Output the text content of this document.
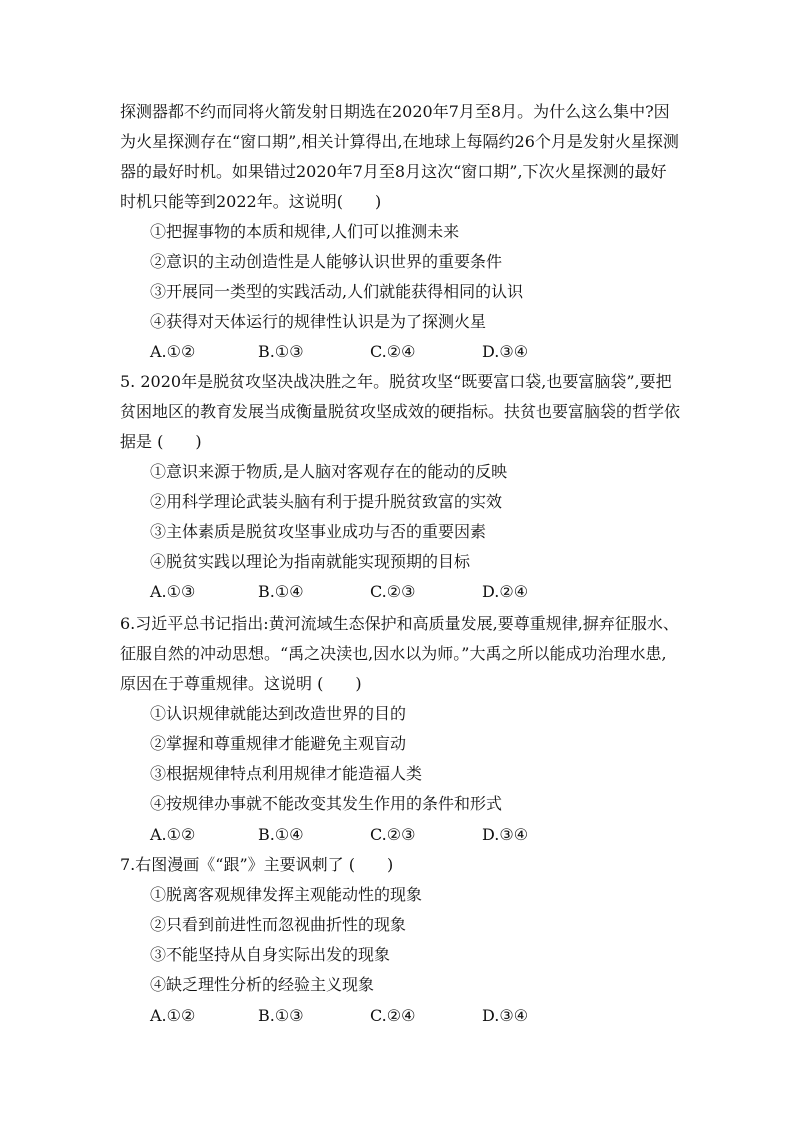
探测器都不约而同将火箭发射日期选在2020年7月至8月。为什么这么集中?因为火星探测存在“窗口期”,相关计算得出,在地球上每隔约26个月是发射火星探测器的最好时机。如果错过2020年7月至8月这次“窗口期”,下次火星探测的最好时机只能等到2022年。这说明(　　)
①把握事物的本质和规律,人们可以推测未来
②意识的主动创造性是人能够认识世界的重要条件
③开展同一类型的实践活动,人们就能获得相同的认识
④获得对天体运行的规律性认识是为了探测火星
A.①②	B.①③	C.②④	D.③④
5. 2020年是脱贫攻坚决战决胜之年。脱贫攻坚“既要富口袋,也要富脑袋”,要把贫困地区的教育发展当成衡量脱贫攻坚成效的硬指标。扶贫也要富脑袋的哲学依据是 (　　)
①意识来源于物质,是人脑对客观存在的能动的反映
②用科学理论武装头脑有利于提升脱贫致富的实效
③主体素质是脱贫攻坚事业成功与否的重要因素
④脱贫实践以理论为指南就能实现预期的目标
A.①③	B.①④	C.②③	D.②④
6.习近平总书记指出:黄河流域生态保护和高质量发展,要尊重规律,摒弃征服水、征服自然的冲动思想。“禹之决渎也,因水以为师。”大禹之所以能成功治理水患,原因在于尊重规律。这说明 (　　)
①认识规律就能达到改造世界的目的
②掌握和尊重规律才能避免主观盲动
③根据规律特点利用规律才能造福人类
④按规律办事就不能改变其发生作用的条件和形式
A.①②	B.①④	C.②③	D.③④
7.右图漫画《“跟”》主要讽刺了 (　　)
①脱离客观规律发挥主观能动性的现象
②只看到前进性而忽视曲折性的现象
③不能坚持从自身实际出发的现象
④缺乏理性分析的经验主义现象
A.①②	B.①③	C.②④	D.③④
